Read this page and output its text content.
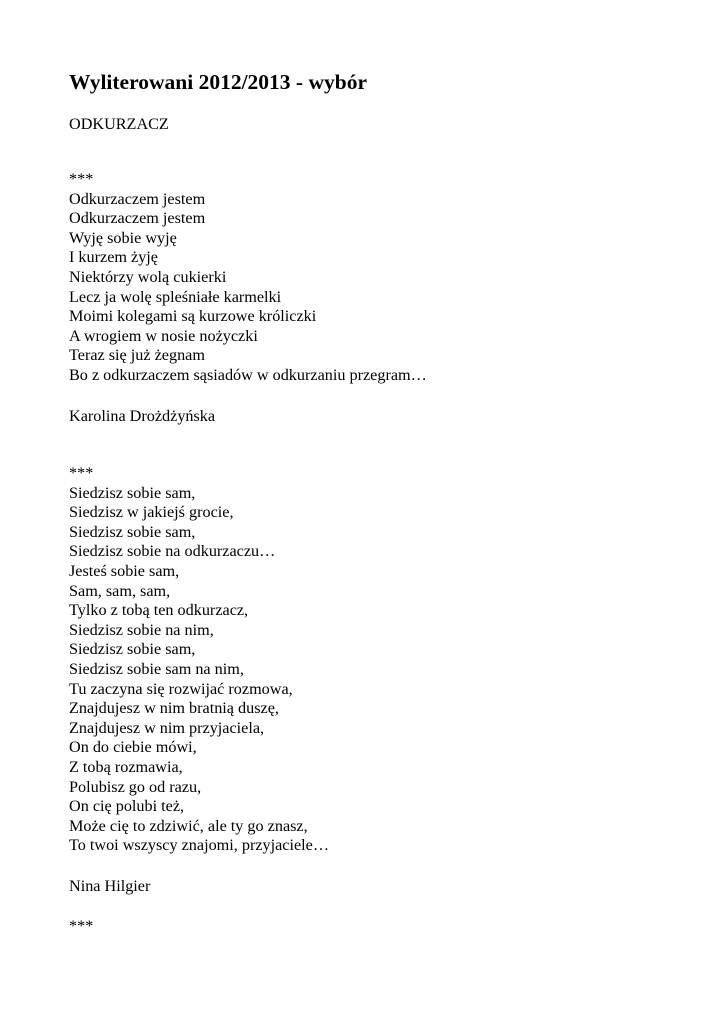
Wyliterowani 2012/2013 - wybór
ODKURZACZ
***
Odkurzaczem jestem
Odkurzaczem jestem
Wyję sobie wyję
I kurzem żyję
Niektórzy wolą cukierki
Lecz ja wolę spleśniałe karmelki
Moimi kolegami są kurzowe króliczki
A wrogiem w nosie nożyczki
Teraz się już żegnam
Bo z odkurzaczem sąsiadów w odkurzaniu przegram…
Karolina Drożdżyńska
***
Siedzisz sobie sam,
Siedzisz w jakiejś grocie,
Siedzisz sobie sam,
Siedzisz sobie na odkurzaczu…
Jesteś sobie sam,
Sam, sam, sam,
Tylko z tobą ten odkurzacz,
Siedzisz sobie na nim,
Siedzisz sobie sam,
Siedzisz sobie sam na nim,
Tu zaczyna się rozwijać rozmowa,
Znajdujesz w nim bratnią duszę,
Znajdujesz w nim przyjaciela,
On do ciebie mówi,
Z tobą rozmawia,
Polubisz go od razu,
On cię polubi też,
Może cię to zdziwić, ale ty go znasz,
To twoi wszyscy znajomi, przyjaciele…
Nina Hilgier
***
